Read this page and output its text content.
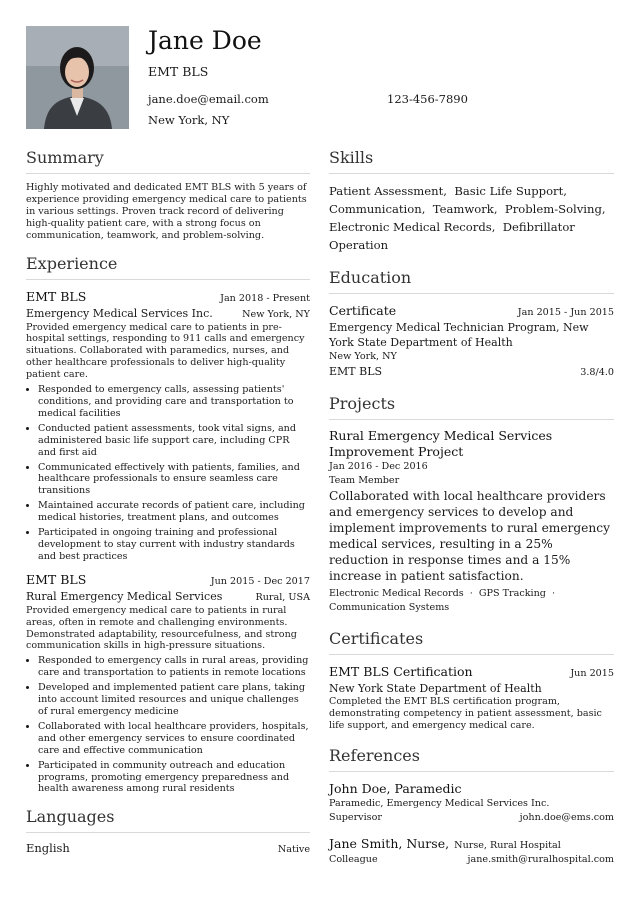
Jane Doe
EMT BLS
jane.doe@email.com	123-456-7890
New York, NY
Summary
Highly motivated and dedicated EMT BLS with 5 years of experience providing emergency medical care to patients in various settings. Proven track record of delivering high-quality patient care, with a strong focus on communication, teamwork, and problem-solving.
Experience
EMT BLS	Jan 2018 - Present
Emergency Medical Services Inc.	New York, NY
Provided emergency medical care to patients in pre-hospital settings, responding to 911 calls and emergency situations. Collaborated with paramedics, nurses, and other healthcare professionals to deliver high-quality patient care.
• Responded to emergency calls, assessing patients' conditions, and providing care and transportation to medical facilities
• Conducted patient assessments, took vital signs, and administered basic life support care, including CPR and first aid
• Communicated effectively with patients, families, and healthcare professionals to ensure seamless care transitions
• Maintained accurate records of patient care, including medical histories, treatment plans, and outcomes
• Participated in ongoing training and professional development to stay current with industry standards and best practices
EMT BLS	Jun 2015 - Dec 2017
Rural Emergency Medical Services	Rural, USA
Provided emergency medical care to patients in rural areas, often in remote and challenging environments. Demonstrated adaptability, resourcefulness, and strong communication skills in high-pressure situations.
• Responded to emergency calls in rural areas, providing care and transportation to patients in remote locations
• Developed and implemented patient care plans, taking into account limited resources and unique challenges of rural emergency medicine
• Collaborated with local healthcare providers, hospitals, and other emergency services to ensure coordinated care and effective communication
• Participated in community outreach and education programs, promoting emergency preparedness and health awareness among rural residents
Languages
English	Native
Skills
Patient Assessment, Basic Life Support,
Communication, Teamwork, Problem-Solving,
Electronic Medical Records, Defibrillator Operation
Education
Certificate	Jan 2015 - Jun 2015
Emergency Medical Technician Program, New York State Department of Health
New York, NY
EMT BLS	3.8/4.0
Projects
Rural Emergency Medical Services Improvement Project
Jan 2016 - Dec 2016
Team Member
Collaborated with local healthcare providers and emergency services to develop and implement improvements to rural emergency medical services, resulting in a 25% reduction in response times and a 15% increase in patient satisfaction.
Electronic Medical Records  ·  GPS Tracking  ·
Communication Systems
Certificates
EMT BLS Certification	Jun 2015
New York State Department of Health
Completed the EMT BLS certification program, demonstrating competency in patient assessment, basic life support, and emergency medical care.
References
John Doe, Paramedic
Paramedic, Emergency Medical Services Inc.
Supervisor	john.doe@ems.com
Jane Smith, Nurse, Nurse, Rural Hospital
Colleague	jane.smith@ruralhospital.com
